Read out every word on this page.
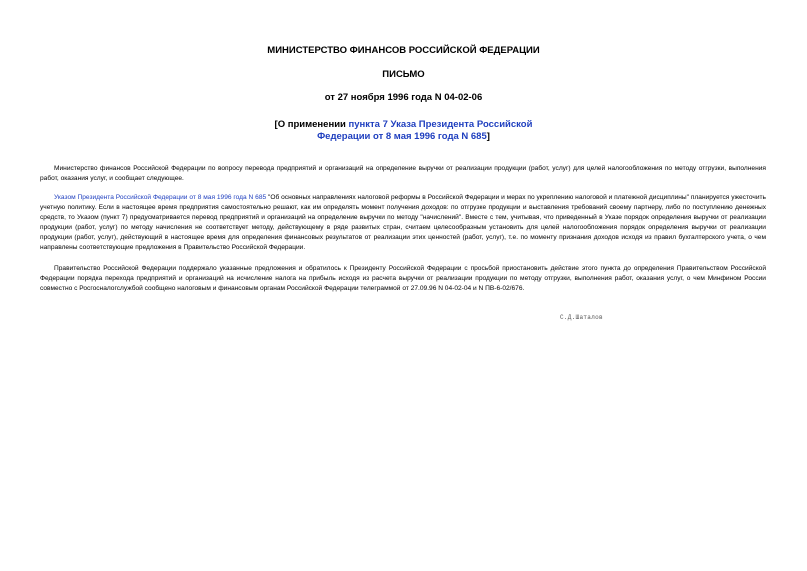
МИНИСТЕРСТВО ФИНАНСОВ РОССИЙСКОЙ ФЕДЕРАЦИИ
ПИСЬМО
от 27 ноября 1996 года N 04-02-06
[О применении пункта 7 Указа Президента Российской
Федерации от 8 мая 1996 года N 685]

Министерство финансов Российской Федерации по вопросу перевода предприятий и организаций на определение выручки от реализации продукции (работ, услуг) для целей налогообложения по методу отгрузки, выполнения работ, оказания услуг, и сообщает следующее.

Указом Президента Российской Федерации от 8 мая 1996 года N 685 "Об основных направлениях налоговой реформы в Российской Федерации и мерах по укреплению налоговой и платежной дисциплины" планируется ужесточить учетную политику. Если в настоящее время предприятия самостоятельно решают, как им определять момент получения доходов: по отгрузке продукции и выставления требований своему партнеру, либо по поступлению денежных средств, то Указом (пункт 7) предусматривается перевод предприятий и организаций на определение выручки по методу "начислений". Вместе с тем, учитывая, что приведенный в Указе порядок определения выручки от реализации продукции (работ, услуг) по методу начисления не соответствует методу, действующему в ряде развитых стран, считаем целесообразным установить для целей налогообложения порядок определения выручки от реализации продукции (работ, услуг), действующий в настоящее время для определения финансовых результатов от реализации этих ценностей (работ, услуг), т.е. по моменту признания доходов исходя из правил бухгалтерского учета, о чем направлены соответствующие предложения в Правительство Российской Федерации.

Правительство Российской Федерации поддержало указанные предложения и обратилось к Президенту Российской Федерации с просьбой приостановить действие этого пункта до определения Правительством Российской Федерации порядка перехода предприятий и организаций на исчисление налога на прибыль исходя из расчета выручки от реализации продукции по методу отгрузки, выполнения работ, оказания услуг, о чем Минфином России совместно с Росгосналогслужбой сообщено налоговым и финансовым органам Российской Федерации телеграммой от 27.09.96 N 04-02-04 и N ПВ-6-02/676.

С.Д.Шаталов
